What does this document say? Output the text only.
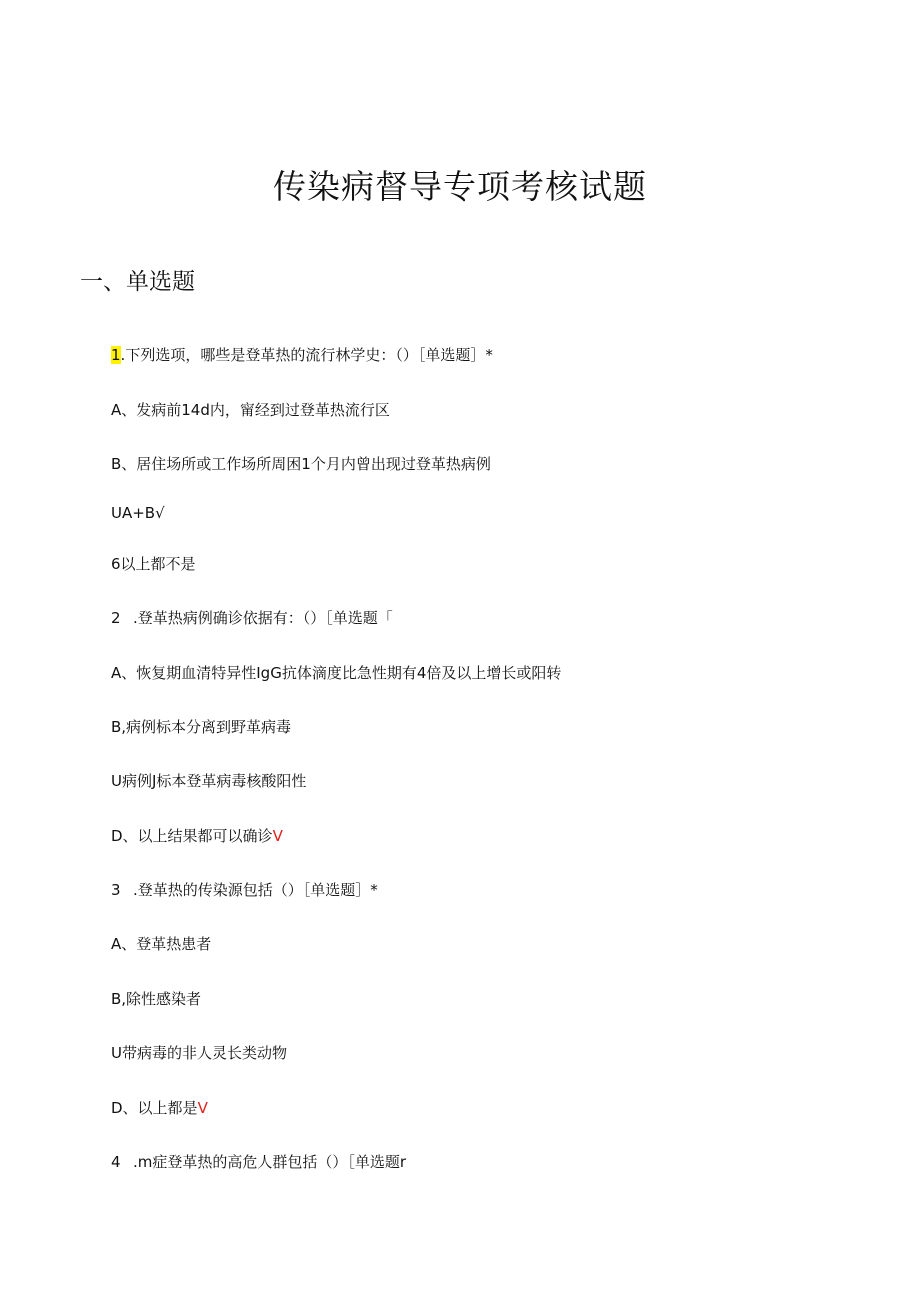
传染病督导专项考核试题
一、单选题
1.下列选项，哪些是登革热的流行林学史：（）［单选题］*
A、发病前14d内，甯经到过登革热流行区
B、居住场所或工作场所周困1个月内曾出现过登革热病例
UA+B√
6以上都不是
2 .登革热病例确诊依据有：（）［单选题「
A、恢复期血清特异性IgG抗体滴度比急性期有4倍及以上增长或阳转
B,病例标本分离到野革病毒
U病例J标本登革病毒核酸阳性
D、以上结果都可以确诊V
3 .登革热的传染源包括（）［单选题］*
A、登革热患者
B,除性感染者
U带病毒的非人灵长类动物
D、以上都是V
4 .m症登革热的高危人群包括（）［单选题r
